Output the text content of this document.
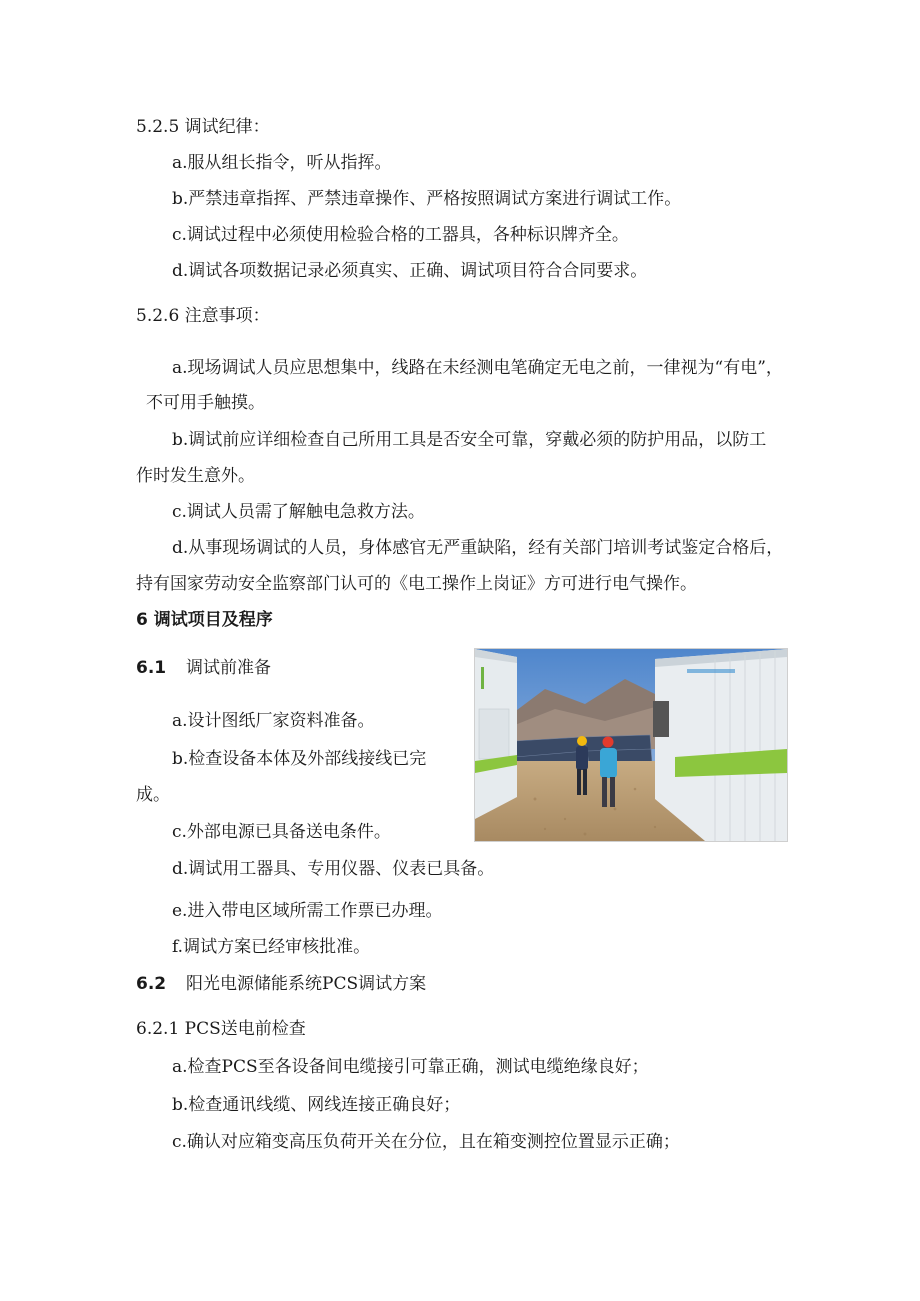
5.2.5 调试纪律：
a.服从组长指令，听从指挥。
b.严禁违章指挥、严禁违章操作、严格按照调试方案进行调试工作。
c.调试过程中必须使用检验合格的工器具，各种标识牌齐全。
d.调试各项数据记录必须真实、正确、调试项目符合合同要求。
5.2.6 注意事项：
a.现场调试人员应思想集中，线路在未经测电笔确定无电之前，一律视为“有电”，
不可用手触摸。
b.调试前应详细检查自己所用工具是否安全可靠，穿戴必须的防护用品，以防工
作时发生意外。
c.调试人员需了解触电急救方法。
d.从事现场调试的人员，身体感官无严重缺陷，经有关部门培训考试鉴定合格后，
持有国家劳动安全监察部门认可的《电工操作上岗证》方可进行电气操作。
6 调试项目及程序
6.1 调试前准备
a.设计图纸厂家资料准备。
b.检查设备本体及外部线接线已完
成。
c.外部电源已具备送电条件。
d.调试用工器具、专用仪器、仪表已具备。
e.进入带电区域所需工作票已办理。
f.调试方案已经审核批准。
6.2 阳光电源储能系统PCS调试方案
6.2.1 PCS送电前检查
a.检查PCS至各设备间电缆接引可靠正确，测试电缆绝缘良好；
b.检查通讯线缆、网线连接正确良好；
c.确认对应箱变高压负荷开关在分位，且在箱变测控位置显示正确；
